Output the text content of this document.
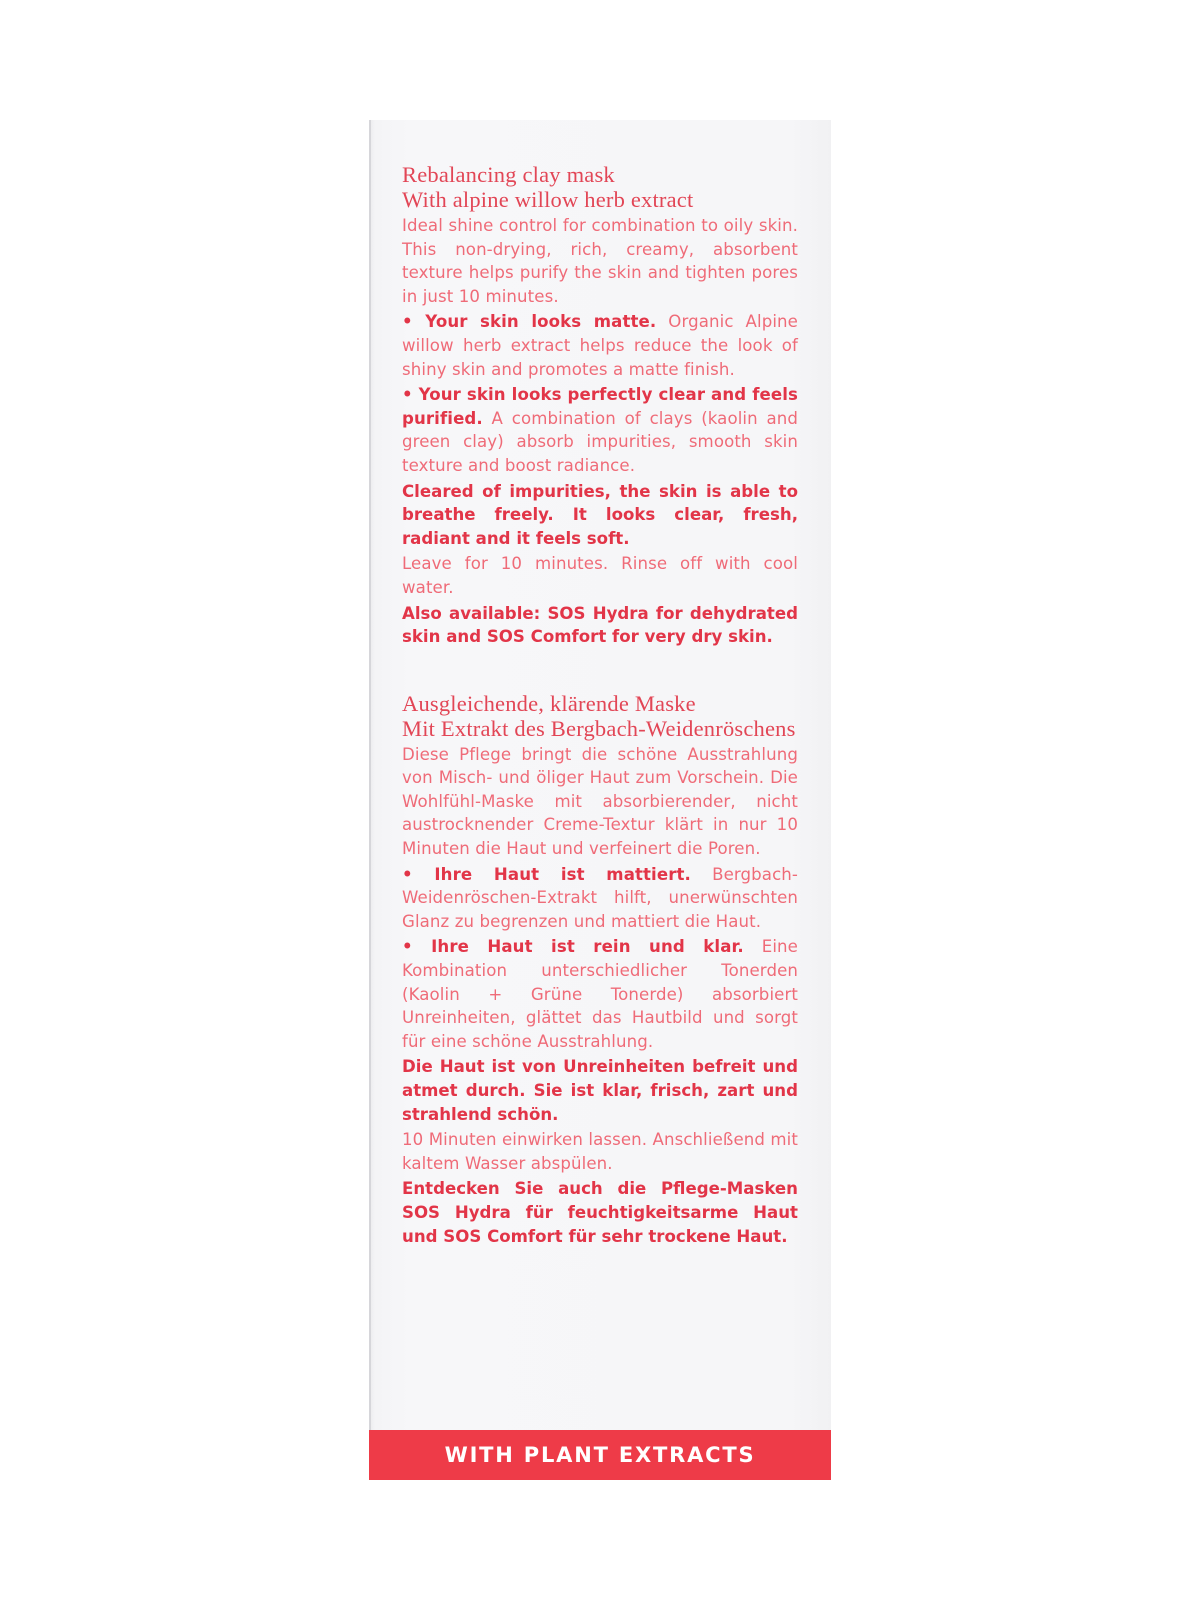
Rebalancing clay mask

With alpine willow herb extract

Ideal shine control for combination to oily skin. This non-drying, rich, creamy, absorbent texture helps purify the skin and tighten pores in just 10 minutes.

• Your skin looks matte. Organic Alpine willow herb extract helps reduce the look of shiny skin and promotes a matte finish.

• Your skin looks perfectly clear and feels purified. A combination of clays (kaolin and green clay) absorb impurities, smooth skin texture and boost radiance.

Cleared of impurities, the skin is able to breathe freely. It looks clear, fresh, radiant and it feels soft.

Leave for 10 minutes. Rinse off with cool water.

Also available: SOS Hydra for dehydrated skin and SOS Comfort for very dry skin.

Ausgleichende, klärende Maske

Mit Extrakt des Bergbach-Weidenröschens

Diese Pflege bringt die schöne Ausstrahlung von Misch- und öliger Haut zum Vorschein. Die Wohlfühl-Maske mit absorbierender, nicht austrocknender Creme-Textur klärt in nur 10 Minuten die Haut und verfeinert die Poren.

• Ihre Haut ist mattiert. Bergbach-Weidenröschen-Extrakt hilft, unerwünschten Glanz zu begrenzen und mattiert die Haut.

• Ihre Haut ist rein und klar. Eine Kombination unterschiedlicher Tonerden (Kaolin + Grüne Tonerde) absorbiert Unreinheiten, glättet das Hautbild und sorgt für eine schöne Ausstrahlung.

Die Haut ist von Unreinheiten befreit und atmet durch. Sie ist klar, frisch, zart und strahlend schön.

10 Minuten einwirken lassen. Anschließend mit kaltem Wasser abspülen.

Entdecken Sie auch die Pflege-Masken SOS Hydra für feuchtigkeitsarme Haut und SOS Comfort für sehr trockene Haut.

WITH PLANT EXTRACTS
